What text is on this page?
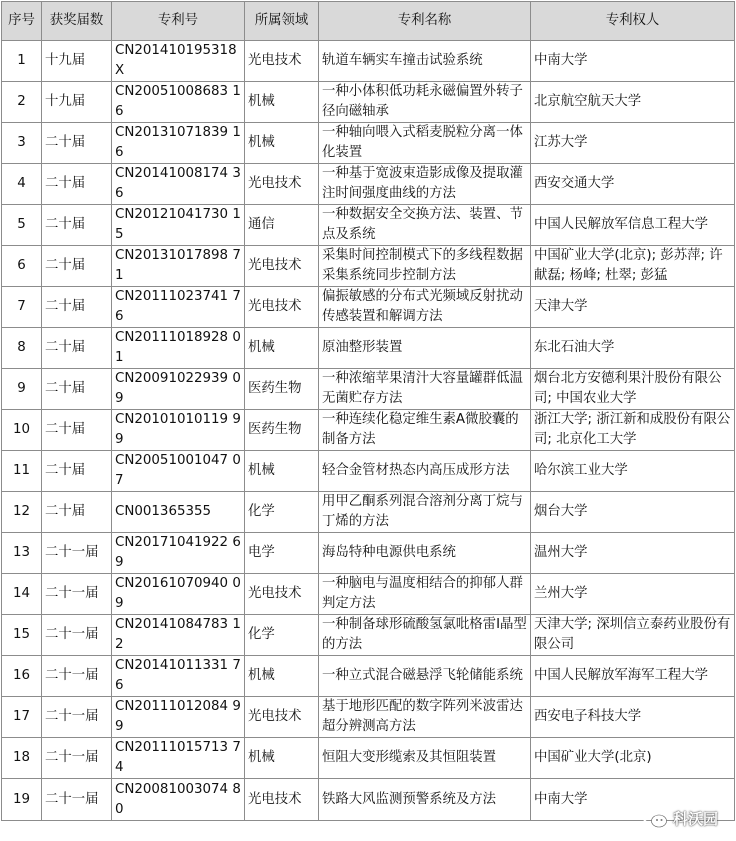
序号	获奖届数	专利号	所属领域	专利名称	专利权人
1	十九届	CN201410195318X	光电技术	轨道车辆实车撞击试验系统	中南大学
2	十九届	CN20051008683 16	机械	一种小体积低功耗永磁偏置外转子径向磁轴承	北京航空航天大学
3	二十届	CN20131071839 16	机械	一种轴向喂入式稻麦脱粒分离一体化装置	江苏大学
4	二十届	CN20141008174 36	光电技术	一种基于宽波束造影成像及提取灌注时间强度曲线的方法	西安交通大学
5	二十届	CN20121041730 15	通信	一种数据安全交换方法、装置、节点及系统	中国人民解放军信息工程大学
6	二十届	CN20131017898 71	光电技术	采集时间控制模式下的多线程数据采集系统同步控制方法	中国矿业大学(北京); 彭苏萍; 许献磊; 杨峰; 杜翠; 彭猛
7	二十届	CN20111023741 76	光电技术	偏振敏感的分布式光频域反射扰动传感装置和解调方法	天津大学
8	二十届	CN20111018928 01	机械	原油整形装置	东北石油大学
9	二十届	CN20091022939 09	医药生物	一种浓缩苹果清汁大容量罐群低温无菌贮存方法	烟台北方安德利果汁股份有限公司; 中国农业大学
10	二十届	CN20101010119 99	医药生物	一种连续化稳定维生素A微胶囊的制备方法	浙江大学; 浙江新和成股份有限公司; 北京化工大学
11	二十届	CN20051001047 07	机械	轻合金管材热态内高压成形方法	哈尔滨工业大学
12	二十届	CN001365355	化学	用甲乙酮系列混合溶剂分离丁烷与丁烯的方法	烟台大学
13	二十一届	CN20171041922 69	电学	海岛特种电源供电系统	温州大学
14	二十一届	CN20161070940 09	光电技术	一种脑电与温度相结合的抑郁人群判定方法	兰州大学
15	二十一届	CN20141084783 12	化学	一种制备球形硫酸氢氯吡格雷I晶型的方法	天津大学; 深圳信立泰药业股份有限公司
16	二十一届	CN20141011331 76	机械	一种立式混合磁悬浮飞轮储能系统	中国人民解放军海军工程大学
17	二十一届	CN20111012084 99	光电技术	基于地形匹配的数字阵列米波雷达超分辨测高方法	西安电子科技大学
18	二十一届	CN20111015713 74	机械	恒阻大变形缆索及其恒阻装置	中国矿业大学(北京)
19	二十一届	CN20081003074 80	光电技术	铁路大风监测预警系统及方法	中南大学
科沃园
